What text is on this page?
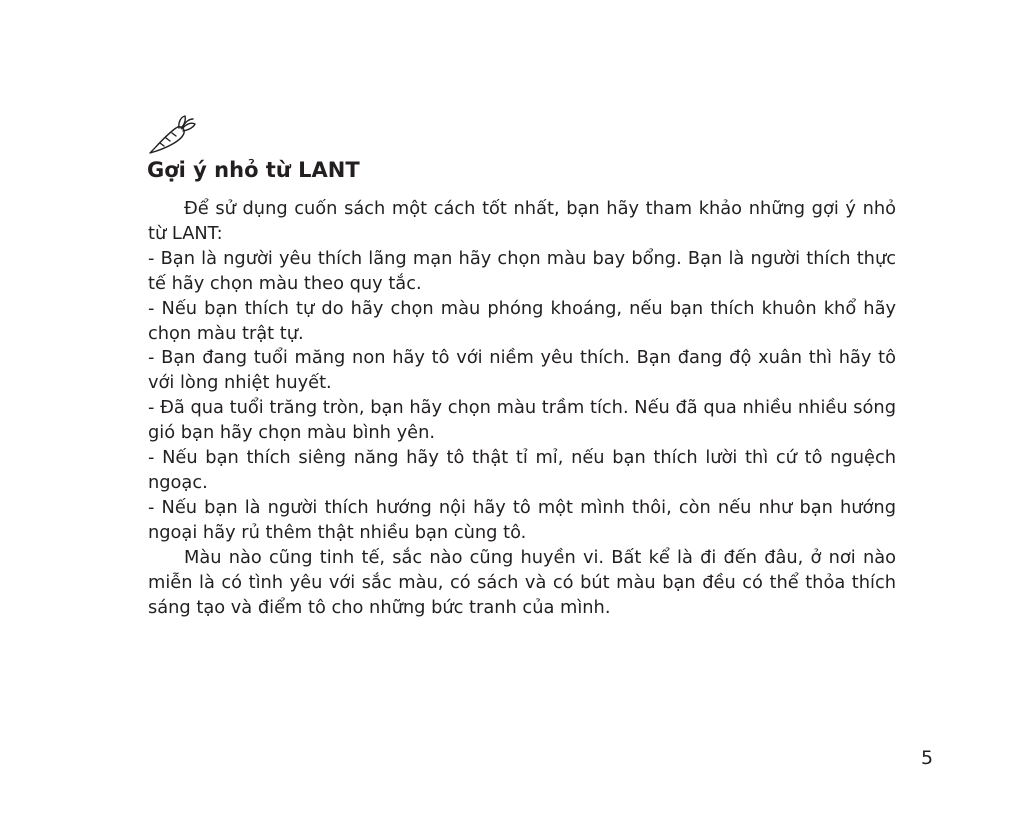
Gợi ý nhỏ từ LANT

Để sử dụng cuốn sách một cách tốt nhất, bạn hãy tham khảo những gợi ý nhỏ từ LANT:

- Bạn là người yêu thích lãng mạn hãy chọn màu bay bổng. Bạn là người thích thực tế hãy chọn màu theo quy tắc.

- Nếu bạn thích tự do hãy chọn màu phóng khoáng, nếu bạn thích khuôn khổ hãy chọn màu trật tự.

- Bạn đang tuổi măng non hãy tô với niềm yêu thích. Bạn đang độ xuân thì hãy tô với lòng nhiệt huyết.

- Đã qua tuổi trăng tròn, bạn hãy chọn màu trầm tích. Nếu đã qua nhiều nhiều sóng gió bạn hãy chọn màu bình yên.

- Nếu bạn thích siêng năng hãy tô thật tỉ mỉ, nếu bạn thích lười thì cứ tô nguệch ngoạc.

- Nếu bạn là người thích hướng nội hãy tô một mình thôi, còn nếu như bạn hướng ngoại hãy rủ thêm thật nhiều bạn cùng tô.

Màu nào cũng tinh tế, sắc nào cũng huyền vi. Bất kể là đi đến đâu, ở nơi nào miễn là có tình yêu với sắc màu, có sách và có bút màu bạn đều có thể thỏa thích sáng tạo và điểm tô cho những bức tranh của mình.

5
